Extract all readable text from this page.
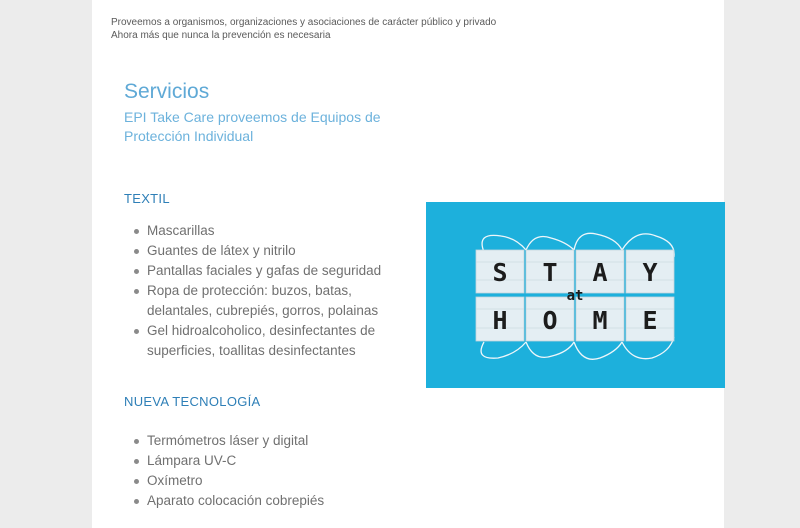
Proveemos a organismos, organizaciones y asociaciones de carácter público y privado
Ahora más que nunca la prevención es necesaria
Servicios
EPI Take Care proveemos de Equipos de Protección Individual
TEXTIL
Mascarillas
Guantes de látex y nitrilo
Pantallas faciales y gafas de seguridad
Ropa de protección: buzos, batas, delantales, cubrepiés, gorros, polainas
Gel hidroalcoholico, desinfectantes de superficies, toallitas desinfectantes
NUEVA TECNOLOGÍA
Termómetros láser y digital
Lámpara UV-C
Oxímetro
Aparato colocación cobrepiés
S T A Y
H O M E
at
